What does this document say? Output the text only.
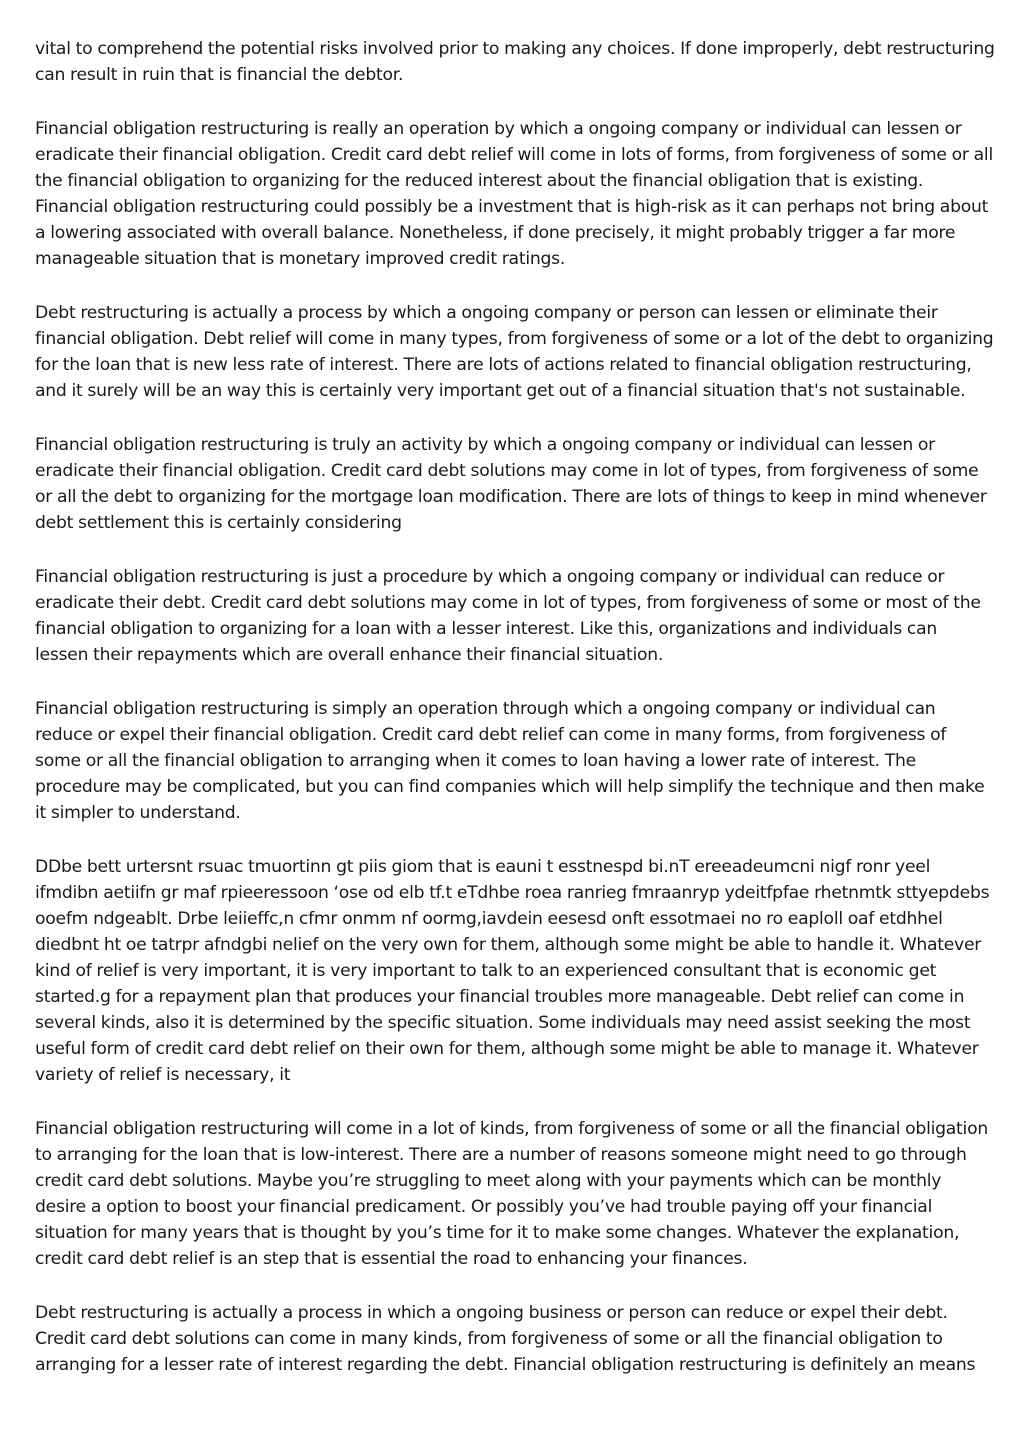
vital to comprehend the potential risks involved prior to making any choices. If done improperly, debt restructuring can result in ruin that is financial the debtor.

Financial obligation restructuring is really an operation by which a ongoing company or individual can lessen or eradicate their financial obligation. Credit card debt relief will come in lots of forms, from forgiveness of some or all the financial obligation to organizing for the reduced interest about the financial obligation that is existing. Financial obligation restructuring could possibly be a investment that is high-risk as it can perhaps not bring about a lowering associated with overall balance. Nonetheless, if done precisely, it might probably trigger a far more manageable situation that is monetary improved credit ratings.

Debt restructuring is actually a process by which a ongoing company or person can lessen or eliminate their financial obligation. Debt relief will come in many types, from forgiveness of some or a lot of the debt to organizing for the loan that is new less rate of interest. There are lots of actions related to financial obligation restructuring, and it surely will be an way this is certainly very important get out of a financial situation that's not sustainable.

Financial obligation restructuring is truly an activity by which a ongoing company or individual can lessen or eradicate their financial obligation. Credit card debt solutions may come in lot of types, from forgiveness of some or all the debt to organizing for the mortgage loan modification. There are lots of things to keep in mind whenever debt settlement this is certainly considering

Financial obligation restructuring is just a procedure by which a ongoing company or individual can reduce or eradicate their debt. Credit card debt solutions may come in lot of types, from forgiveness of some or most of the financial obligation to organizing for a loan with a lesser interest. Like this, organizations and individuals can lessen their repayments which are overall enhance their financial situation.

Financial obligation restructuring is simply an operation through which a ongoing company or individual can reduce or expel their financial obligation. Credit card debt relief can come in many forms, from forgiveness of some or all the financial obligation to arranging when it comes to loan having a lower rate of interest. The procedure may be complicated, but you can find companies which will help simplify the technique and then make it simpler to understand.

DDbe bett urtersnt rsuac tmuortinn gt piis giom that is eauni t esstnespd bi.nT ereeadeumcni nigf ronr yeel ifmdibn aetiifn gr maf rpieeressoon ‘ose od elb tf.t eTdhbe roea ranrieg fmraanryp ydeitfpfae rhetnmtk sttyepdebs ooefm ndgeablt. Drbe leiieffc,n cfmr onmm nf oormg,iavdein eesesd onft essotmaei no ro eaploll oaf etdhhel diedbnt ht oe tatrpr afndgbi nelief on the very own for them, although some might be able to handle it. Whatever kind of relief is very important, it is very important to talk to an experienced consultant that is economic get started.g for a repayment plan that produces your financial troubles more manageable. Debt relief can come in several kinds, also it is determined by the specific situation. Some individuals may need assist seeking the most useful form of credit card debt relief on their own for them, although some might be able to manage it. Whatever variety of relief is necessary, it

Financial obligation restructuring will come in a lot of kinds, from forgiveness of some or all the financial obligation to arranging for the loan that is low-interest. There are a number of reasons someone might need to go through credit card debt solutions. Maybe you’re struggling to meet along with your payments which can be monthly desire a option to boost your financial predicament. Or possibly you’ve had trouble paying off your financial situation for many years that is thought by you’s time for it to make some changes. Whatever the explanation, credit card debt relief is an step that is essential the road to enhancing your finances.

Debt restructuring is actually a process in which a ongoing business or person can reduce or expel their debt. Credit card debt solutions can come in many kinds, from forgiveness of some or all the financial obligation to arranging for a lesser rate of interest regarding the debt. Financial obligation restructuring is definitely an means
